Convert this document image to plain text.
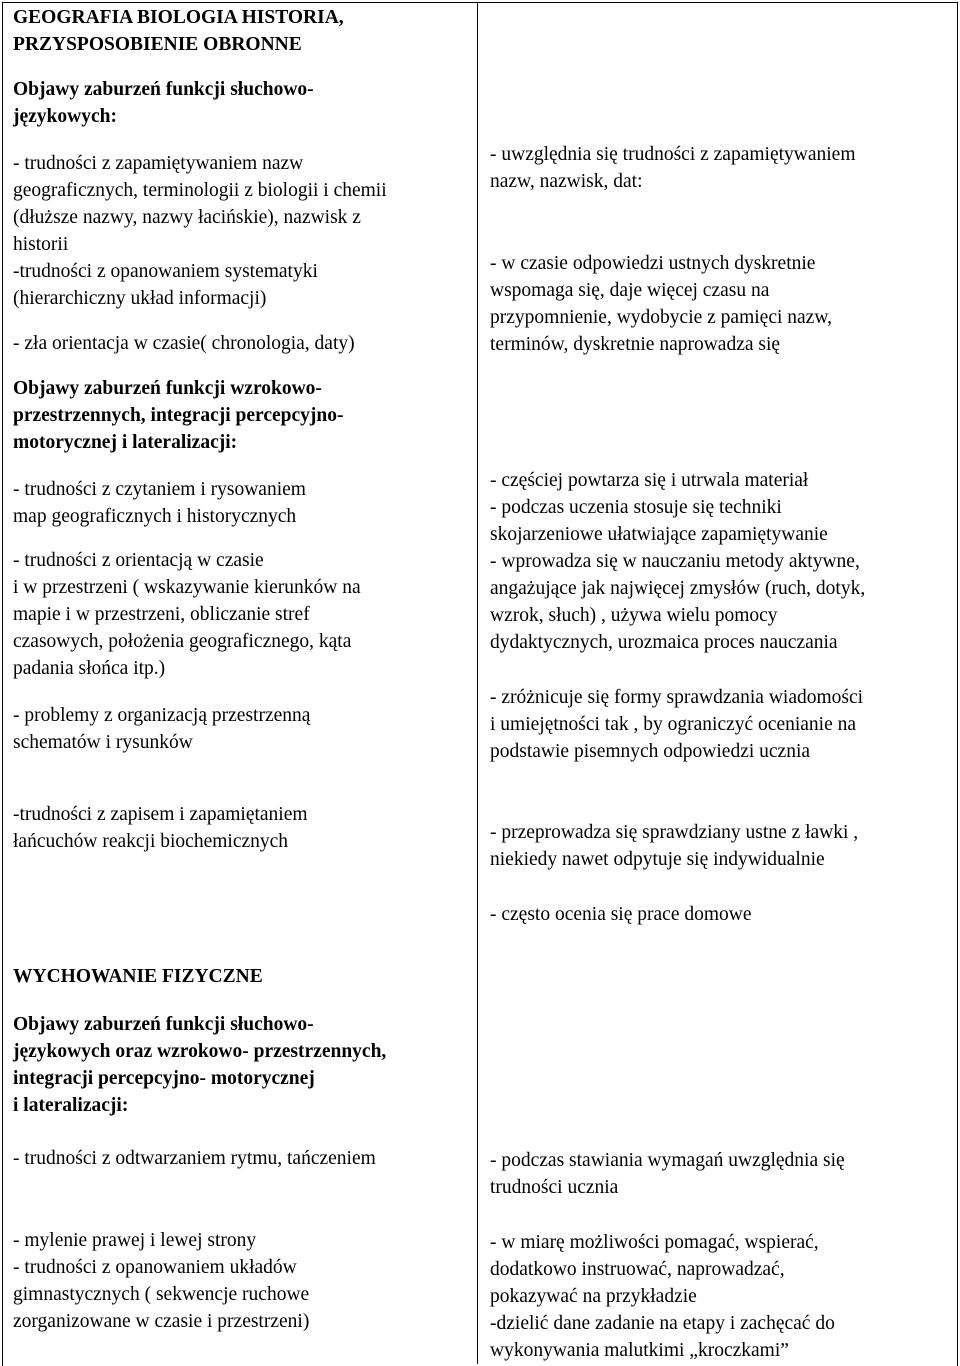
GEOGRAFIA BIOLOGIA HISTORIA,
PRZYSPOSOBIENIE OBRONNE

Objawy zaburzeń funkcji słuchowo-
językowych:

- trudności z zapamiętywaniem nazw
geograficznych, terminologii z biologii i chemii
(dłuższe nazwy, nazwy łacińskie), nazwisk z
historii
-trudności z opanowaniem systematyki
(hierarchiczny układ informacji)

- zła orientacja w czasie( chronologia, daty)

- uwzględnia się trudności z zapamiętywaniem
nazw, nazwisk, dat:

- w czasie odpowiedzi ustnych dyskretnie
wspomaga się, daje więcej czasu na
przypomnienie, wydobycie z pamięci nazw,
terminów, dyskretnie naprowadza się

Objawy zaburzeń funkcji wzrokowo-
przestrzennych, integracji percepcyjno-
motorycznej i lateralizacji:

- trudności z czytaniem i rysowaniem
map geograficznych i historycznych

- trudności z orientacją w czasie
i w przestrzeni ( wskazywanie kierunków na
mapie i w przestrzeni, obliczanie stref
czasowych, położenia geograficznego, kąta
padania słońca itp.)

- problemy z organizacją przestrzenną
schematów i rysunków

-trudności z zapisem i zapamiętaniem
łańcuchów reakcji biochemicznych

- częściej powtarza się i utrwala materiał
- podczas uczenia stosuje się techniki
skojarzeniowe ułatwiające zapamiętywanie
- wprowadza się w nauczaniu metody aktywne,
angażujące jak najwięcej zmysłów (ruch, dotyk,
wzrok, słuch) , używa wielu pomocy
dydaktycznych, urozmaica proces nauczania

- zróżnicuje się formy sprawdzania wiadomości
i umiejętności tak , by ograniczyć ocenianie na
podstawie pisemnych odpowiedzi ucznia

- przeprowadza się sprawdziany ustne z ławki ,
niekiedy nawet odpytuje się indywidualnie

- często ocenia się prace domowe

WYCHOWANIE FIZYCZNE

Objawy zaburzeń funkcji słuchowo-
językowych oraz wzrokowo- przestrzennych,
integracji percepcyjno- motorycznej
i lateralizacji:

- trudności z odtwarzaniem rytmu, tańczeniem

- mylenie prawej i lewej strony
- trudności z opanowaniem układów
gimnastycznych ( sekwencje ruchowe
zorganizowane w czasie i przestrzeni)

- podczas stawiania wymagań uwzględnia się
trudności ucznia

- w miarę możliwości pomagać, wspierać,
dodatkowo instruować, naprowadzać,
pokazywać na przykładzie
-dzielić dane zadanie na etapy i zachęcać do
wykonywania malutkimi „kroczkami”
